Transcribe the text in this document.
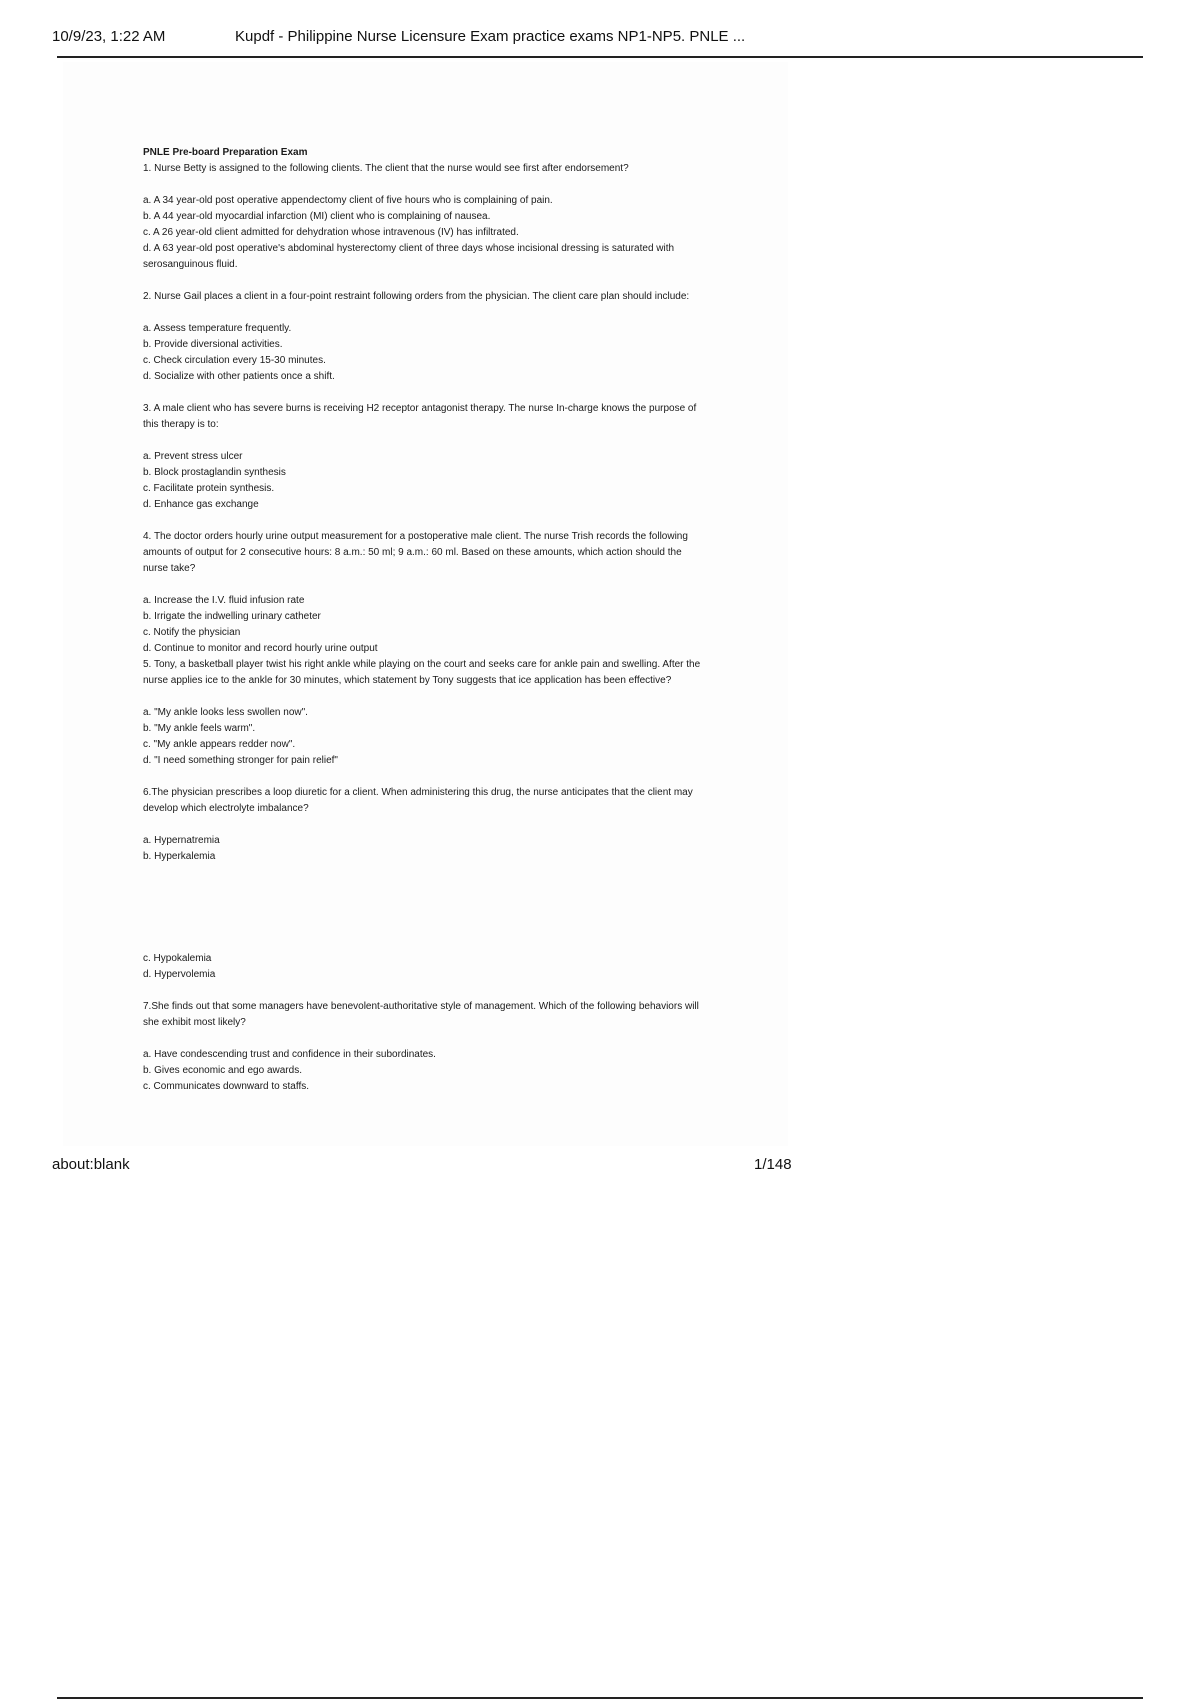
10/9/23, 1:22 AM	Kupdf - Philippine Nurse Licensure Exam practice exams NP1-NP5. PNLE ...

PNLE Pre-board Preparation Exam

1. Nurse Betty is assigned to the following clients. The client that the nurse would see first after endorsement?

a. A 34 year-old post operative appendectomy client of five hours who is complaining of pain.

b. A 44 year-old myocardial infarction (MI) client who is complaining of nausea.

c. A 26 year-old client admitted for dehydration whose intravenous (IV) has infiltrated.

d. A 63 year-old post operative's abdominal hysterectomy client of three days whose incisional dressing is saturated with serosanguinous fluid.

2. Nurse Gail places a client in a four-point restraint following orders from the physician. The client care plan should include:

a. Assess temperature frequently.

b. Provide diversional activities.

c. Check circulation every 15-30 minutes.

d. Socialize with other patients once a shift.

3. A male client who has severe burns is receiving H2 receptor antagonist therapy. The nurse In-charge knows the purpose of this therapy is to:

a. Prevent stress ulcer

b. Block prostaglandin synthesis

c. Facilitate protein synthesis.

d. Enhance gas exchange

4. The doctor orders hourly urine output measurement for a postoperative male client. The nurse Trish records the following amounts of output for 2 consecutive hours: 8 a.m.: 50 ml; 9 a.m.: 60 ml. Based on these amounts, which action should the nurse take?

a. Increase the I.V. fluid infusion rate

b. Irrigate the indwelling urinary catheter

c. Notify the physician

d. Continue to monitor and record hourly urine output

5. Tony, a basketball player twist his right ankle while playing on the court and seeks care for ankle pain and swelling. After the nurse applies ice to the ankle for 30 minutes, which statement by Tony suggests that ice application has been effective?

a. "My ankle looks less swollen now".

b. "My ankle feels warm".

c. "My ankle appears redder now".

d. "I need something stronger for pain relief"

6.The physician prescribes a loop diuretic for a client. When administering this drug, the nurse anticipates that the client may develop which electrolyte imbalance?

a. Hypernatremia

b. Hyperkalemia

c. Hypokalemia

d. Hypervolemia

7.She finds out that some managers have benevolent-authoritative style of management. Which of the following behaviors will she exhibit most likely?

a. Have condescending trust and confidence in their subordinates.

b. Gives economic and ego awards.

c. Communicates downward to staffs.

about:blank	1/148
